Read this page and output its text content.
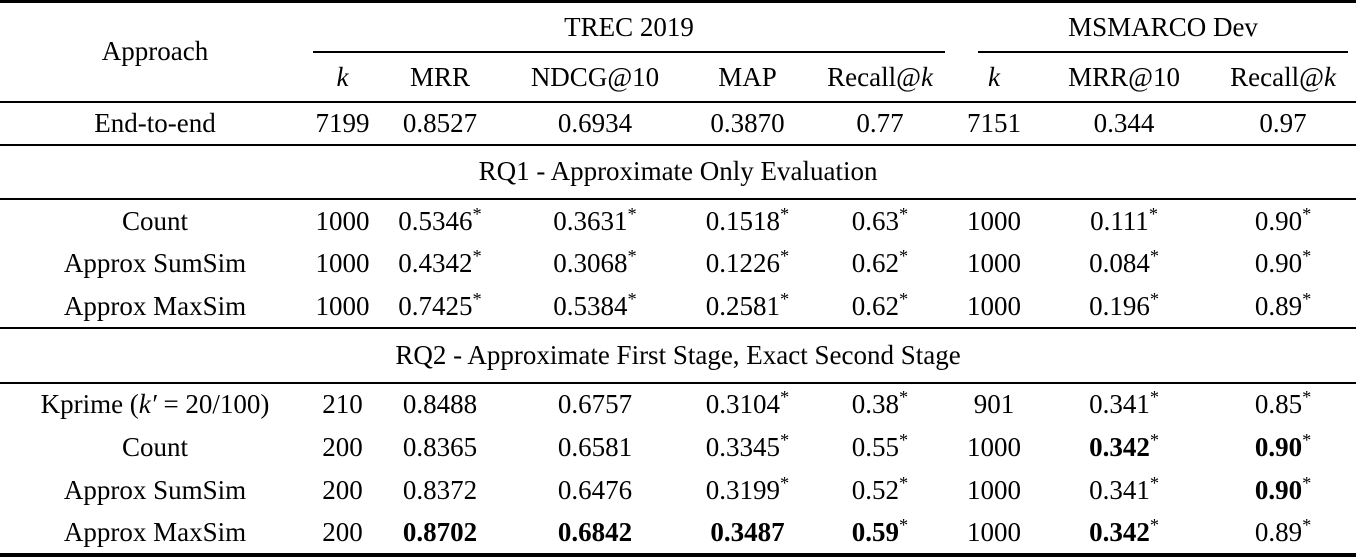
Approach	TREC 2019					MSMARCO Dev		

	k	MRR	NDCG@10	MAP	Recall@k	k	MRR@10	Recall@k
End-to-end	7199	0.8527	0.6934	0.3870	0.77	7151	0.344	0.97
RQ1 - Approximate Only Evaluation								
Count	1000	0.5346*	0.3631*	0.1518*	0.63*	1000	0.111*	0.90*
Approx SumSim	1000	0.4342*	0.3068*	0.1226*	0.62*	1000	0.084*	0.90*
Approx MaxSim	1000	0.7425*	0.5384*	0.2581*	0.62*	1000	0.196*	0.89*
RQ2 - Approximate First Stage, Exact Second Stage								
Kprime (k′ = 20/100)	210	0.8488	0.6757	0.3104*	0.38*	901	0.341*	0.85*
Count	200	0.8365	0.6581	0.3345*	0.55*	1000	0.342*	0.90*
Approx SumSim	200	0.8372	0.6476	0.3199*	0.52*	1000	0.341*	0.90*
Approx MaxSim	200	0.8702	0.6842	0.3487	0.59*	1000	0.342*	0.89*
